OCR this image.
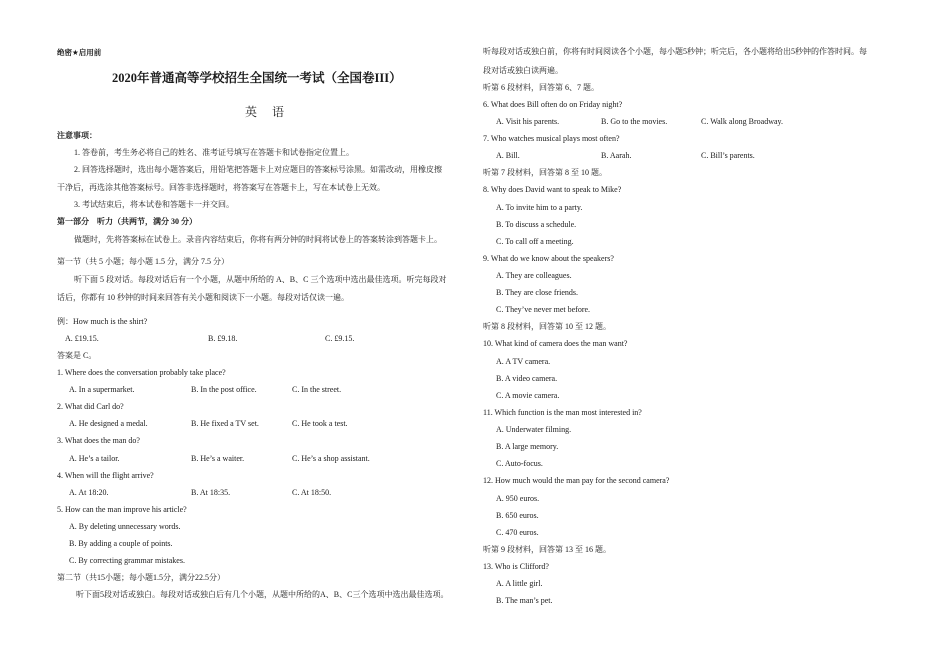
绝密★启用前
2020年普通高等学校招生全国统一考试（全国卷III）
英 语
注意事项：
1. 答卷前，考生务必将自己的姓名、准考证号填写在答题卡和试卷指定位置上。
2. 回答选择题时，选出每小题答案后，用铅笔把答题卡上对应题目的答案标号涂黑。如需改动，用橡皮擦
干净后，再选涂其他答案标号。回答非选择题时，将答案写在答题卡上，写在本试卷上无效。
3. 考试结束后，将本试卷和答题卡一并交回。
第一部分　听力（共两节，满分 30 分）
做题时，先将答案标在试卷上。录音内容结束后，你将有两分钟的时间将试卷上的答案转涂到答题卡上。
第一节（共 5 小题；每小题 1.5 分，满分 7.5 分）
听下面 5 段对话。每段对话后有一个小题，从题中所给的 A、B、C 三个选项中选出最佳选项。听完每段对
话后，你都有 10 秒钟的时间来回答有关小题和阅读下一小题。每段对话仅读一遍。
例：How much is the shirt?
A. £19.15.	B. £9.18.	C. £9.15.
答案是 C。
1. Where does the conversation probably take place?
A. In a supermarket.	B. In the post office.	C. In the street.
2. What did Carl do?
A. He designed a medal.	B. He fixed a TV set.	C. He took a test.
3. What does the man do?
A. He’s a tailor.	B. He’s a waiter.	C. He’s a shop assistant.
4. When will the flight arrive?
A. At 18:20.	B. At 18:35.	C. At 18:50.
5. How can the man improve his article?
A. By deleting unnecessary words.
B. By adding a couple of points.
C. By correcting grammar mistakes.
第二节（共15小题；每小题1.5分，满分22.5分）
听下面5段对话或独白。每段对话或独白后有几个小题，从题中所给的A、B、C三个选项中选出最佳选项。
听每段对话或独白前，你将有时间阅读各个小题，每小题5秒钟；听完后，各小题将给出5秒钟的作答时间。每
段对话或独白读两遍。
听第 6 段材料，回答第 6、7 题。
6. What does Bill often do on Friday night?
A. Visit his parents.	B. Go to the movies.	C. Walk along Broadway.
7. Who watches musical plays most often?
A. Bill.	B. Aarah.	C. Bill’s parents.
听第 7 段材料，回答第 8 至 10 题。
8. Why does David want to speak to Mike?
A. To invite him to a party.
B. To discuss a schedule.
C. To call off a meeting.
9. What do we know about the speakers?
A. They are colleagues.
B. They are close friends.
C. They’ve never met before.
听第 8 段材料，回答第 10 至 12 题。
10. What kind of camera does the man want?
A. A TV camera.
B. A video camera.
C. A movie camera.
11. Which function is the man most interested in?
A. Underwater filming.
B. A large memory.
C. Auto-focus.
12. How much would the man pay for the second camera?
A. 950 euros.
B. 650 euros.
C. 470 euros.
听第 9 段材料，回答第 13 至 16 题。
13. Who is Clifford?
A. A little girl.
B. The man’s pet.
